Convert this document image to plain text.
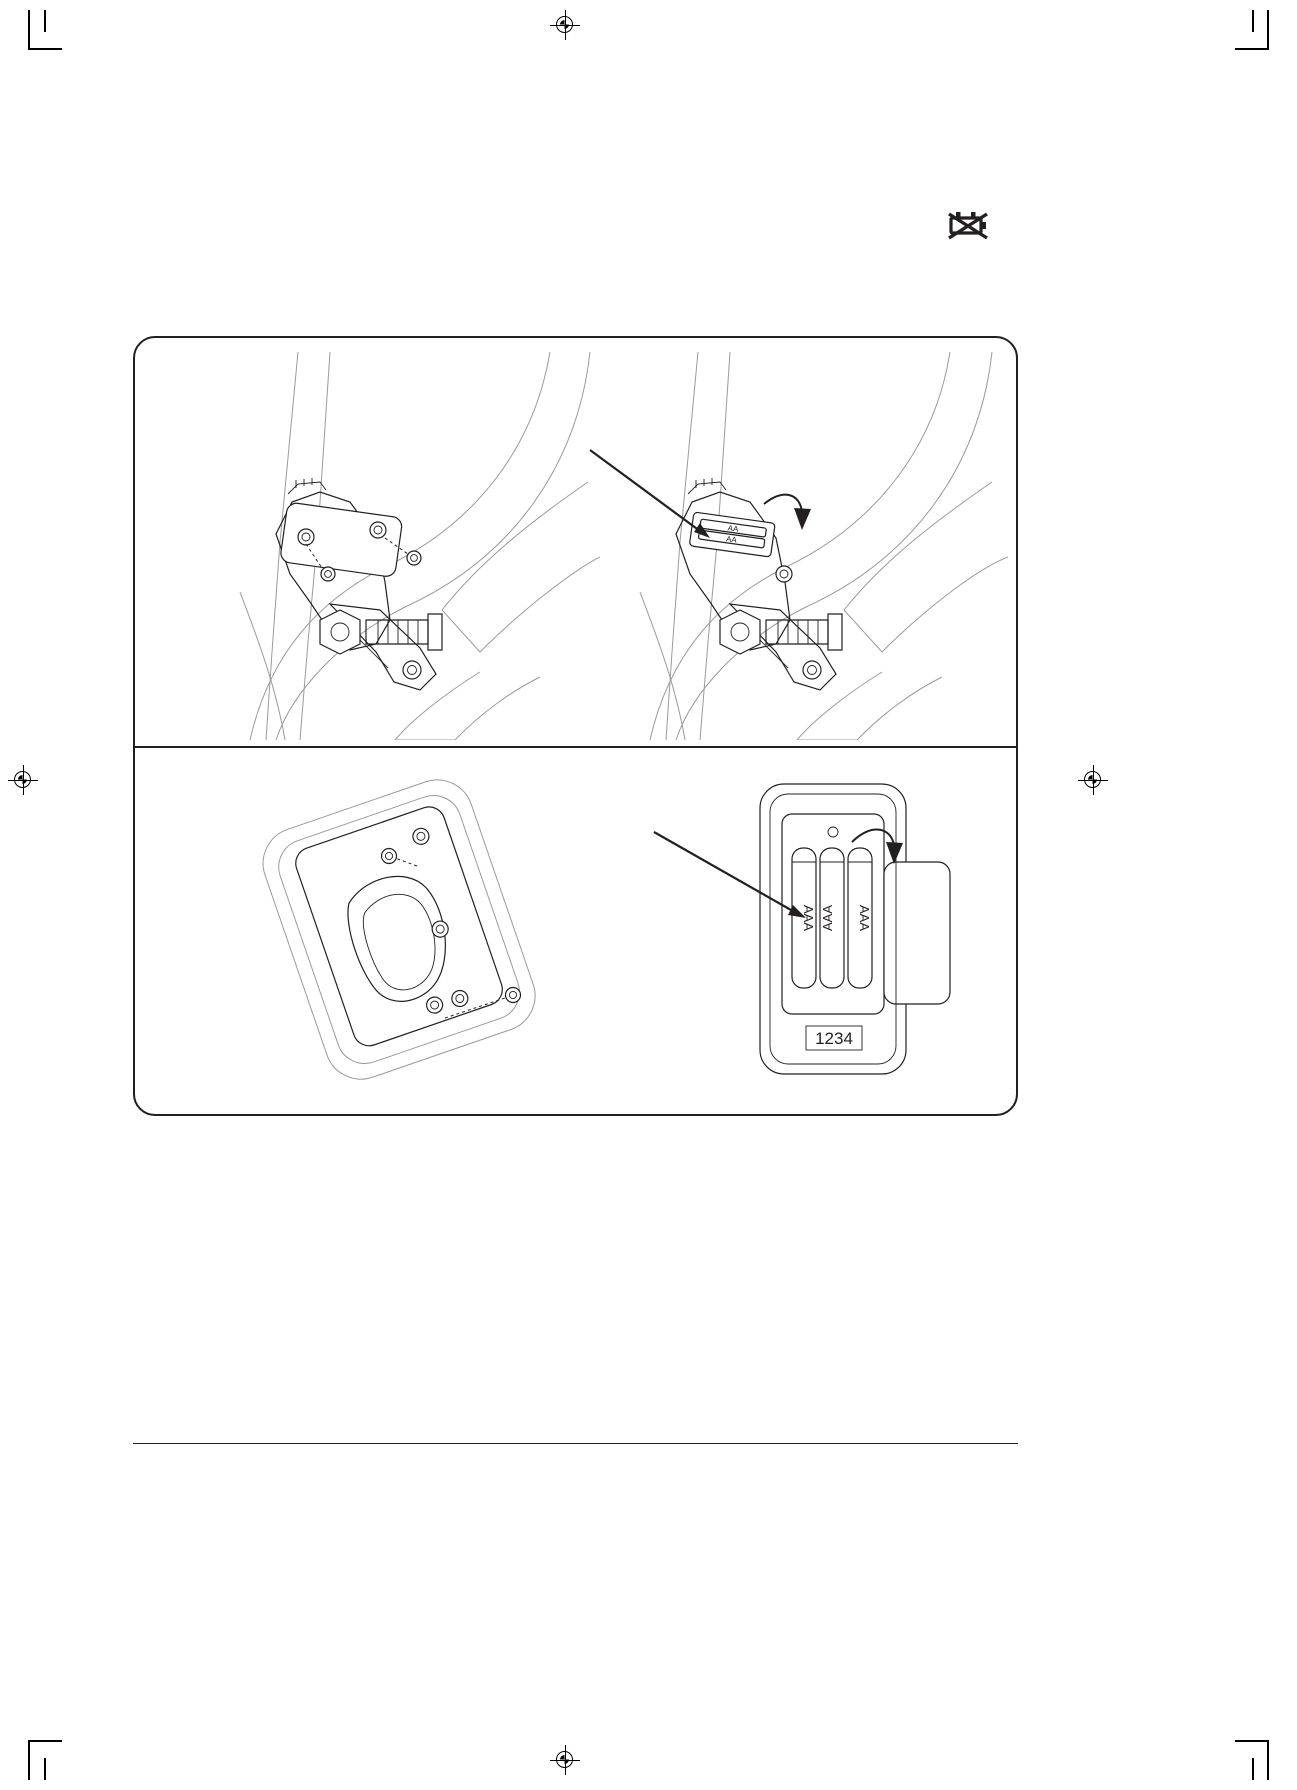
AA
AA
AAA AAA AAA
1234
